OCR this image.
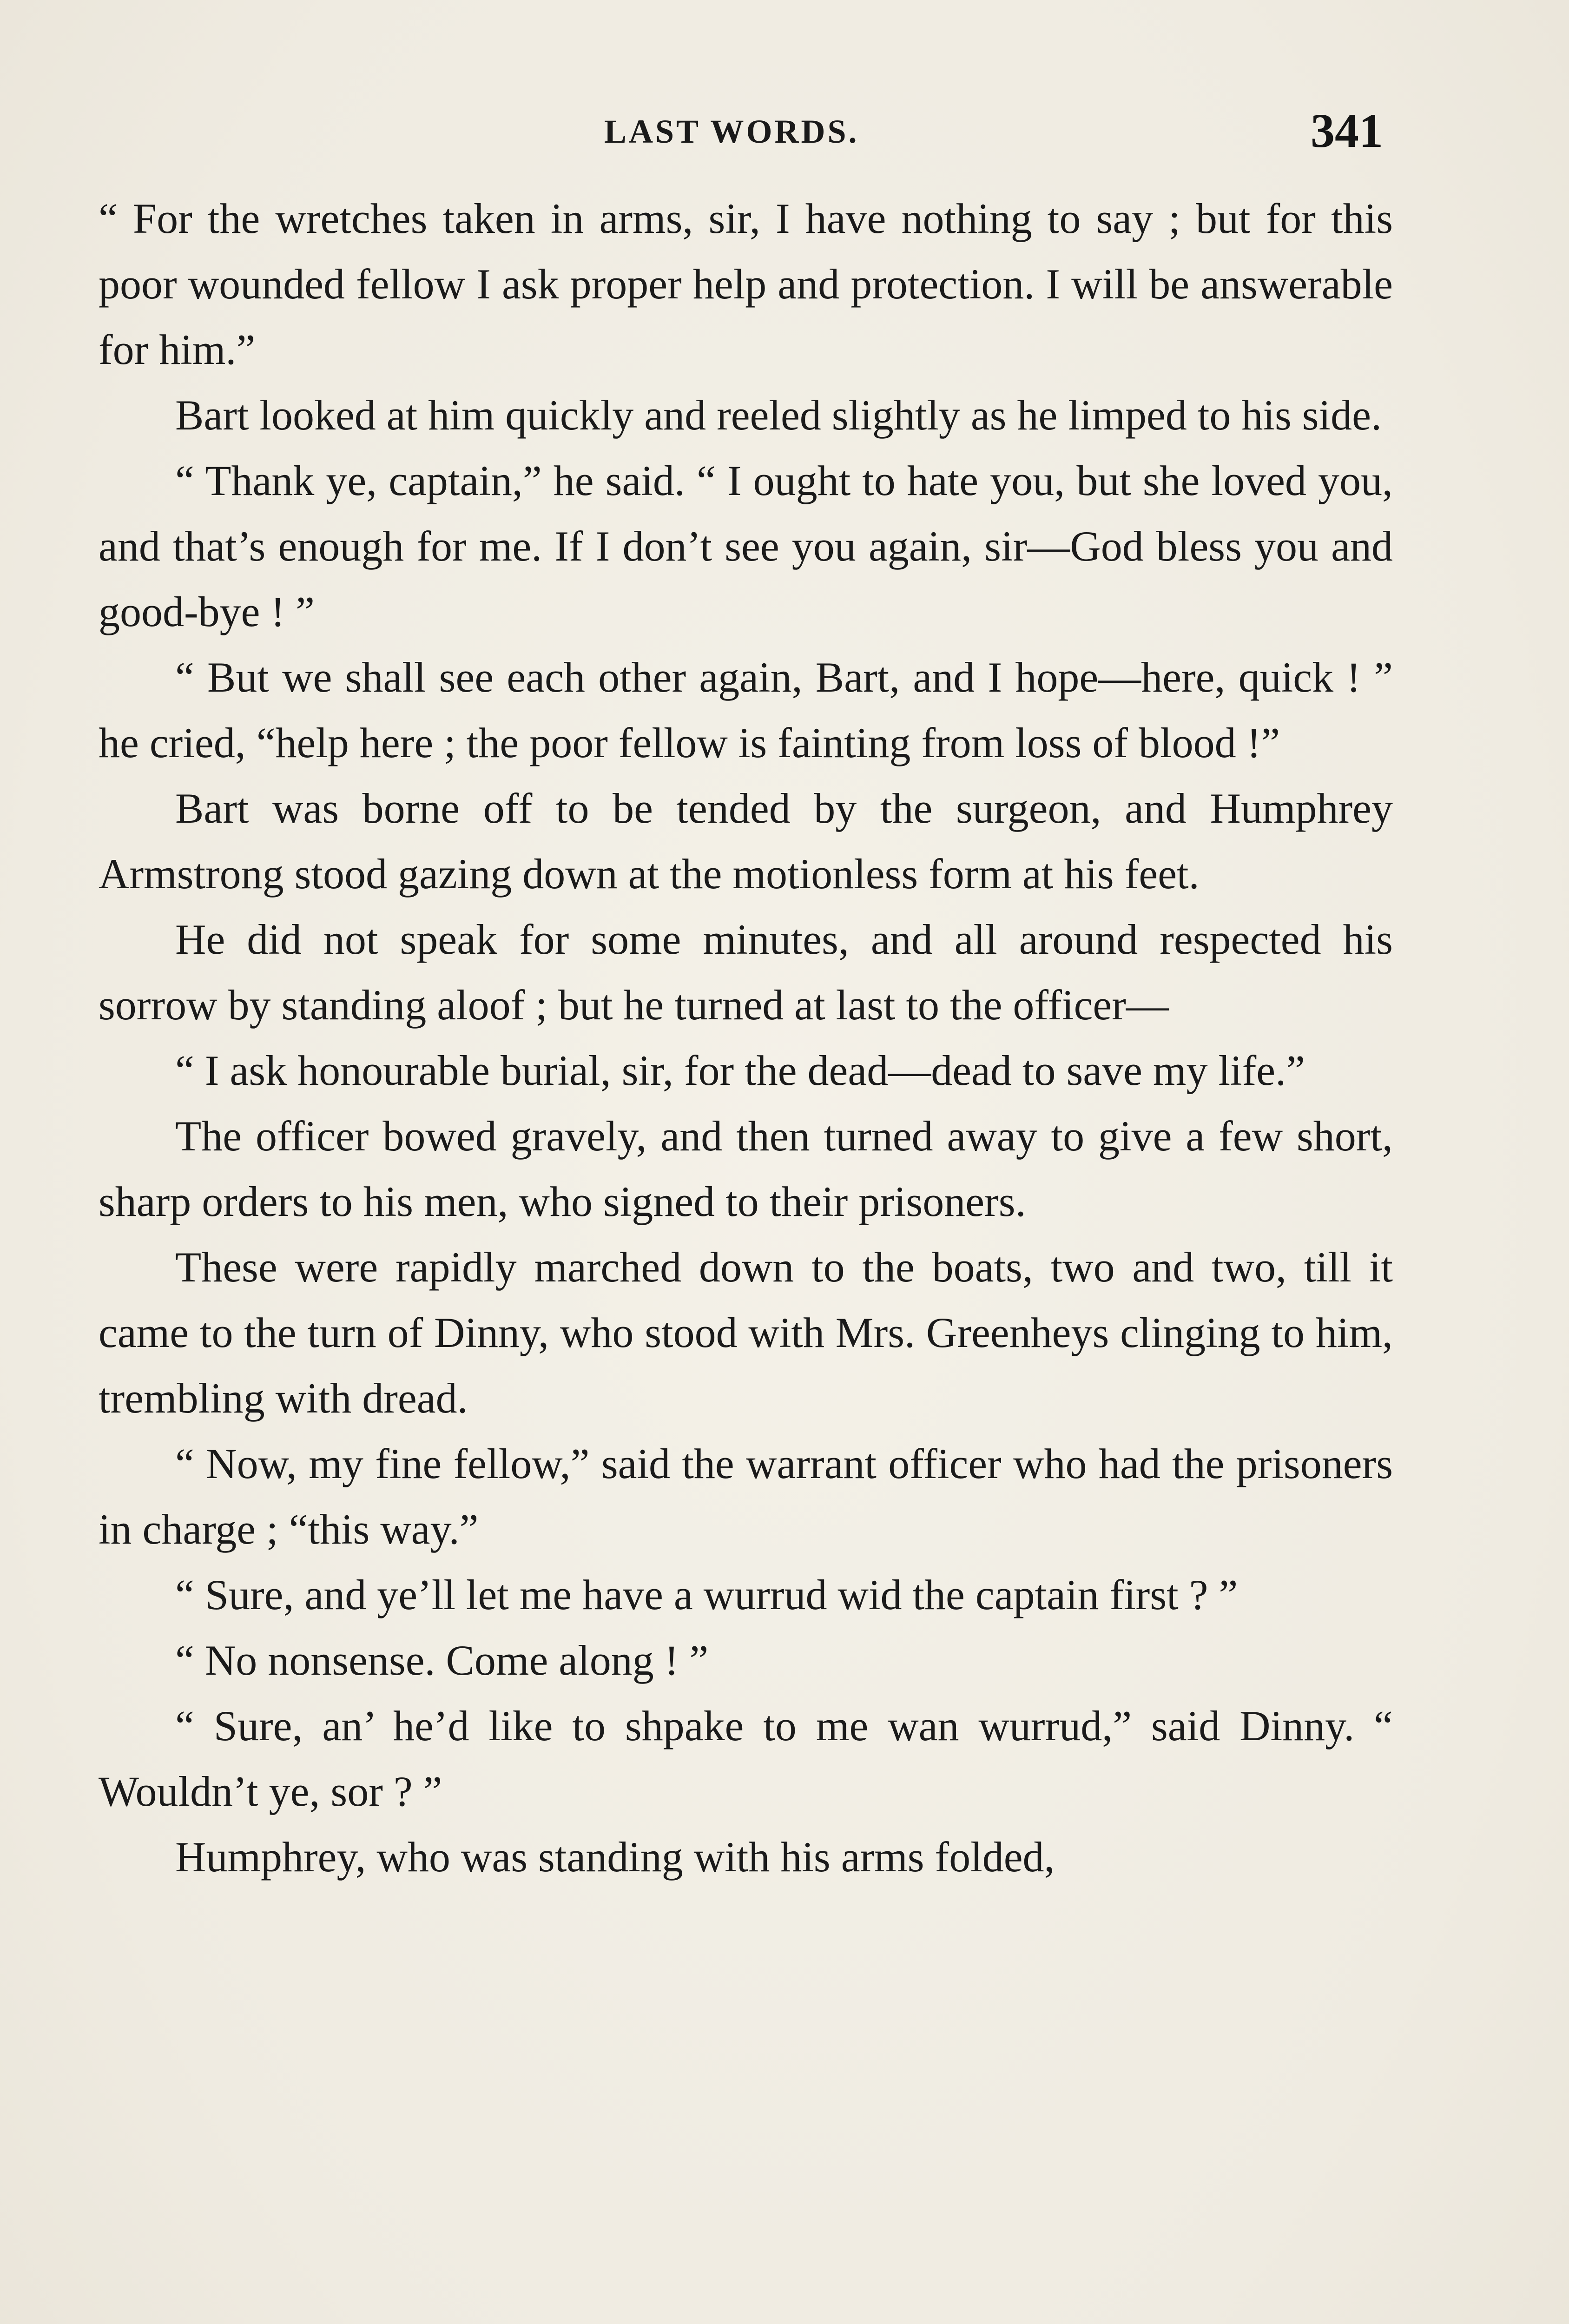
LAST WORDS.	341

“ For the wretches taken in arms, sir, I have nothing to say ; but for this poor wounded fellow I ask proper help and protection. I will be answerable for him.”

Bart looked at him quickly and reeled slightly as he limped to his side.

“ Thank ye, captain,” he said. “ I ought to hate you, but she loved you, and that’s enough for me. If I don’t see you again, sir—God bless you and good-bye ! ”

“ But we shall see each other again, Bart, and I hope—here, quick ! ” he cried, “help here ; the poor fellow is fainting from loss of blood !”

Bart was borne off to be tended by the surgeon, and Humphrey Armstrong stood gazing down at the motionless form at his feet.

He did not speak for some minutes, and all around respected his sorrow by standing aloof ; but he turned at last to the officer—

“ I ask honourable burial, sir, for the dead—dead to save my life.”

The officer bowed gravely, and then turned away to give a few short, sharp orders to his men, who signed to their prisoners.

These were rapidly marched down to the boats, two and two, till it came to the turn of Dinny, who stood with Mrs. Greenheys clinging to him, trembling with dread.

“ Now, my fine fellow,” said the warrant officer who had the prisoners in charge ; “this way.”

“ Sure, and ye’ll let me have a wurrud wid the captain first ? ”

“ No nonsense. Come along ! ”

“ Sure, an’ he’d like to shpake to me wan wurrud,” said Dinny. “ Wouldn’t ye, sor ? ”

Humphrey, who was standing with his arms folded,
